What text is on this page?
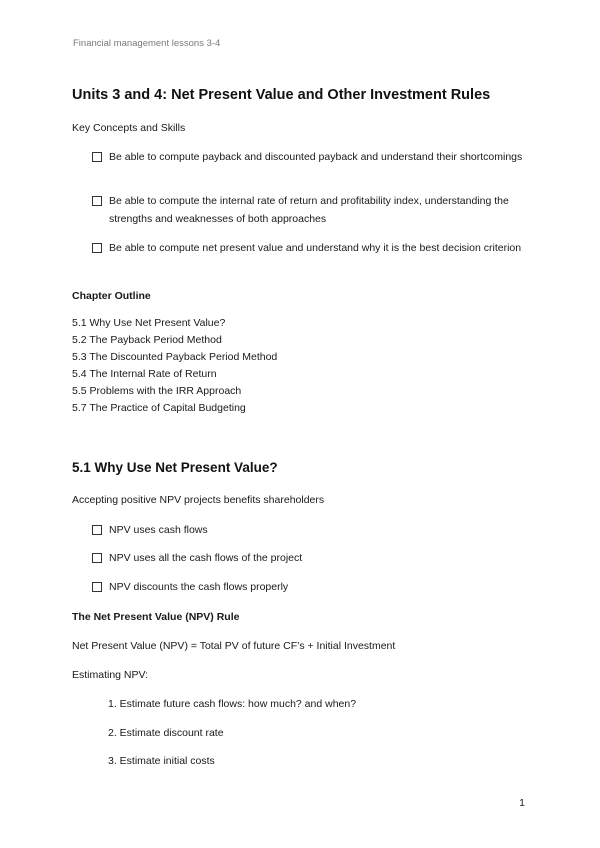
Financial management lessons 3-4
Units 3 and 4: Net Present Value and Other Investment Rules
Key Concepts and Skills
Be able to compute payback and discounted payback and understand their shortcomings
Be able to compute the internal rate of return and profitability index, understanding the strengths and weaknesses of both approaches
Be able to compute net present value and understand why it is the best decision criterion
Chapter Outline
5.1 Why Use Net Present Value?
5.2 The Payback Period Method
5.3 The Discounted Payback Period Method
5.4 The Internal Rate of Return
5.5 Problems with the IRR Approach
5.7 The Practice of Capital Budgeting
5.1 Why Use Net Present Value?
Accepting positive NPV projects benefits shareholders
NPV uses cash flows
NPV uses all the cash flows of the project
NPV discounts the cash flows properly
The Net Present Value (NPV) Rule
Net Present Value (NPV) = Total PV of future CF’s + Initial Investment
Estimating NPV:
1. Estimate future cash flows: how much? and when?
2. Estimate discount rate
3. Estimate initial costs
1
